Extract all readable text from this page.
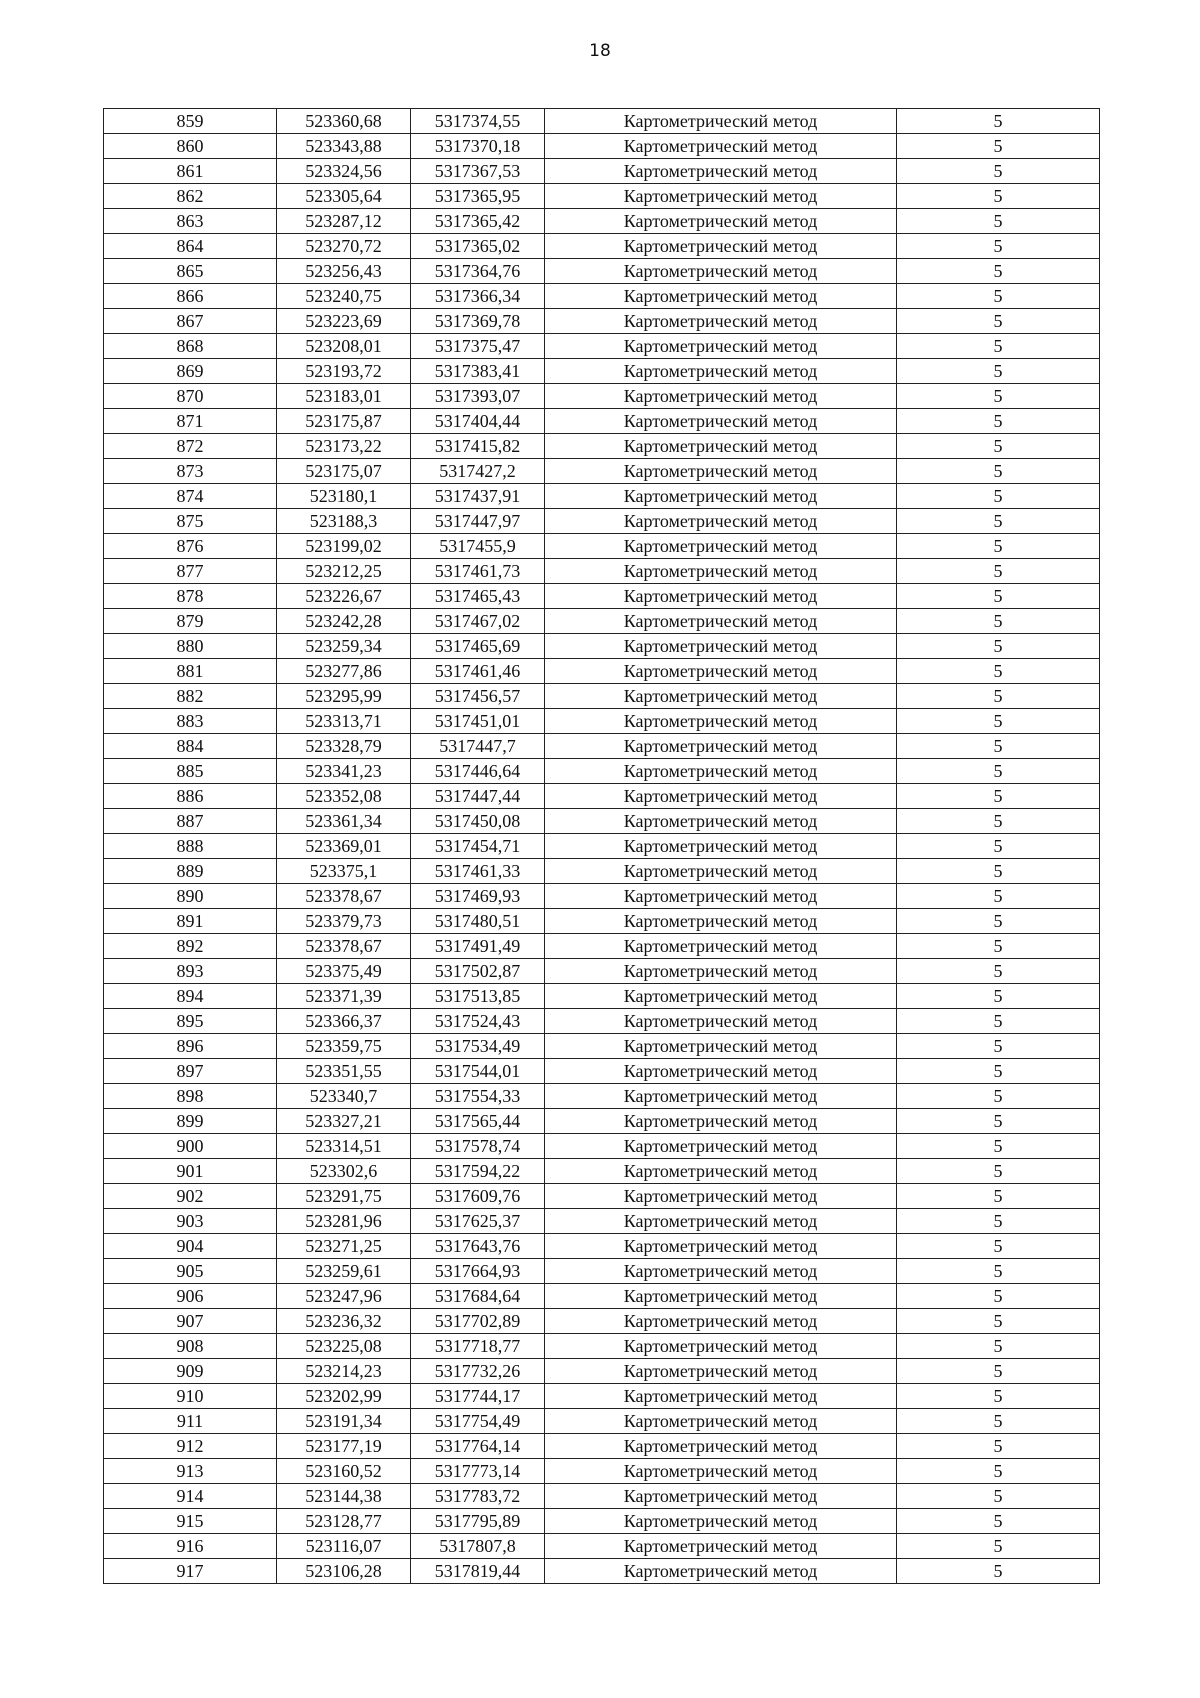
18
859	523360,68	5317374,55	Картометрический метод	5
860	523343,88	5317370,18	Картометрический метод	5
861	523324,56	5317367,53	Картометрический метод	5
862	523305,64	5317365,95	Картометрический метод	5
863	523287,12	5317365,42	Картометрический метод	5
864	523270,72	5317365,02	Картометрический метод	5
865	523256,43	5317364,76	Картометрический метод	5
866	523240,75	5317366,34	Картометрический метод	5
867	523223,69	5317369,78	Картометрический метод	5
868	523208,01	5317375,47	Картометрический метод	5
869	523193,72	5317383,41	Картометрический метод	5
870	523183,01	5317393,07	Картометрический метод	5
871	523175,87	5317404,44	Картометрический метод	5
872	523173,22	5317415,82	Картометрический метод	5
873	523175,07	5317427,2	Картометрический метод	5
874	523180,1	5317437,91	Картометрический метод	5
875	523188,3	5317447,97	Картометрический метод	5
876	523199,02	5317455,9	Картометрический метод	5
877	523212,25	5317461,73	Картометрический метод	5
878	523226,67	5317465,43	Картометрический метод	5
879	523242,28	5317467,02	Картометрический метод	5
880	523259,34	5317465,69	Картометрический метод	5
881	523277,86	5317461,46	Картометрический метод	5
882	523295,99	5317456,57	Картометрический метод	5
883	523313,71	5317451,01	Картометрический метод	5
884	523328,79	5317447,7	Картометрический метод	5
885	523341,23	5317446,64	Картометрический метод	5
886	523352,08	5317447,44	Картометрический метод	5
887	523361,34	5317450,08	Картометрический метод	5
888	523369,01	5317454,71	Картометрический метод	5
889	523375,1	5317461,33	Картометрический метод	5
890	523378,67	5317469,93	Картометрический метод	5
891	523379,73	5317480,51	Картометрический метод	5
892	523378,67	5317491,49	Картометрический метод	5
893	523375,49	5317502,87	Картометрический метод	5
894	523371,39	5317513,85	Картометрический метод	5
895	523366,37	5317524,43	Картометрический метод	5
896	523359,75	5317534,49	Картометрический метод	5
897	523351,55	5317544,01	Картометрический метод	5
898	523340,7	5317554,33	Картометрический метод	5
899	523327,21	5317565,44	Картометрический метод	5
900	523314,51	5317578,74	Картометрический метод	5
901	523302,6	5317594,22	Картометрический метод	5
902	523291,75	5317609,76	Картометрический метод	5
903	523281,96	5317625,37	Картометрический метод	5
904	523271,25	5317643,76	Картометрический метод	5
905	523259,61	5317664,93	Картометрический метод	5
906	523247,96	5317684,64	Картометрический метод	5
907	523236,32	5317702,89	Картометрический метод	5
908	523225,08	5317718,77	Картометрический метод	5
909	523214,23	5317732,26	Картометрический метод	5
910	523202,99	5317744,17	Картометрический метод	5
911	523191,34	5317754,49	Картометрический метод	5
912	523177,19	5317764,14	Картометрический метод	5
913	523160,52	5317773,14	Картометрический метод	5
914	523144,38	5317783,72	Картометрический метод	5
915	523128,77	5317795,89	Картометрический метод	5
916	523116,07	5317807,8	Картометрический метод	5
917	523106,28	5317819,44	Картометрический метод	5
